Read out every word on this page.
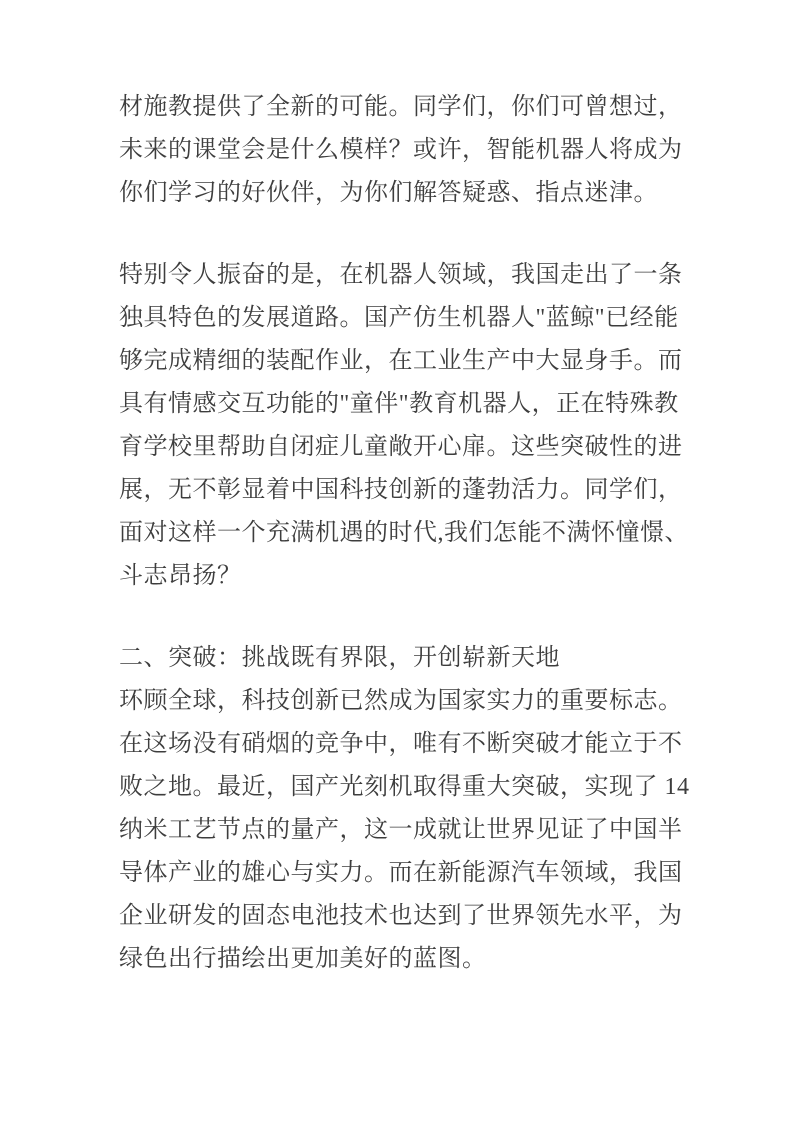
材施教提供了全新的可能。同学们，你们可曾想过，
未来的课堂会是什么模样？或许，智能机器人将成为
你们学习的好伙伴，为你们解答疑惑、指点迷津。
特别令人振奋的是，在机器人领域，我国走出了一条
独具特色的发展道路。国产仿生机器人"蓝鲸"已经能
够完成精细的装配作业，在工业生产中大显身手。而
具有情感交互功能的"童伴"教育机器人，正在特殊教
育学校里帮助自闭症儿童敞开心扉。这些突破性的进
展，无不彰显着中国科技创新的蓬勃活力。同学们，
面对这样一个充满机遇的时代,我们怎能不满怀憧憬、
斗志昂扬？
二、突破：挑战既有界限，开创崭新天地
环顾全球，科技创新已然成为国家实力的重要标志。
在这场没有硝烟的竞争中，唯有不断突破才能立于不
败之地。最近，国产光刻机取得重大突破，实现了 14
纳米工艺节点的量产，这一成就让世界见证了中国半
导体产业的雄心与实力。而在新能源汽车领域，我国
企业研发的固态电池技术也达到了世界领先水平，为
绿色出行描绘出更加美好的蓝图。
